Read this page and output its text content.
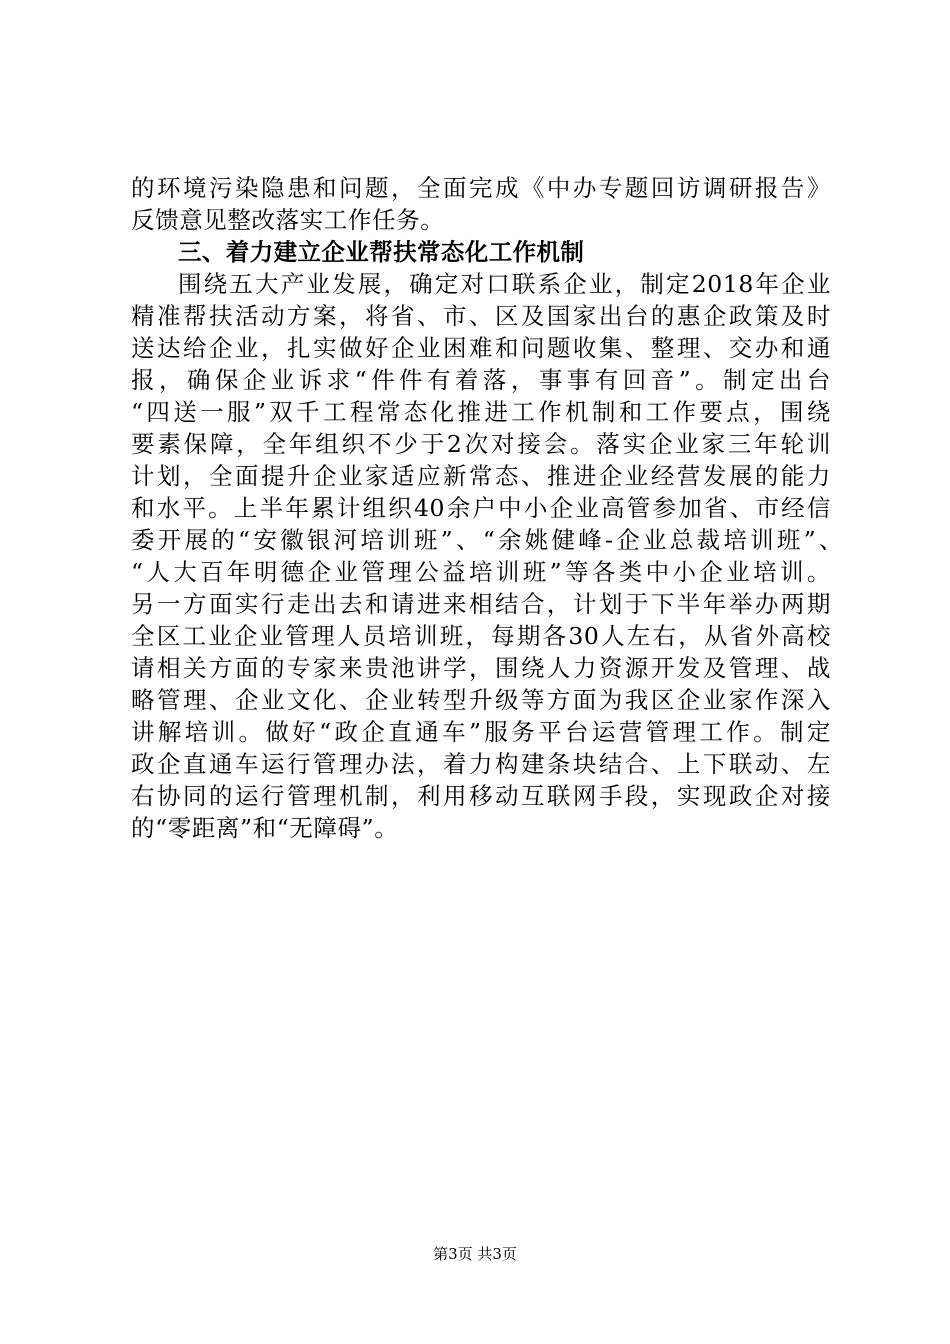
的环境污染隐患和问题，全面完成《中办专题回访调研报告》
反馈意见整改落实工作任务。
三、着力建立企业帮扶常态化工作机制
围绕五大产业发展，确定对口联系企业，制定2018年企业
精准帮扶活动方案，将省、市、区及国家出台的惠企政策及时
送达给企业，扎实做好企业困难和问题收集、整理、交办和通
报，确保企业诉求“件件有着落，事事有回音”。制定出台
“四送一服”双千工程常态化推进工作机制和工作要点，围绕
要素保障，全年组织不少于2次对接会。落实企业家三年轮训
计划，全面提升企业家适应新常态、推进企业经营发展的能力
和水平。上半年累计组织40余户中小企业高管参加省、市经信
委开展的“安徽银河培训班”、“余姚健峰-企业总裁培训班”、
“人大百年明德企业管理公益培训班”等各类中小企业培训。
另一方面实行走出去和请进来相结合，计划于下半年举办两期
全区工业企业管理人员培训班，每期各30人左右，从省外高校
请相关方面的专家来贵池讲学，围绕人力资源开发及管理、战
略管理、企业文化、企业转型升级等方面为我区企业家作深入
讲解培训。做好“政企直通车”服务平台运营管理工作。制定
政企直通车运行管理办法，着力构建条块结合、上下联动、左
右协同的运行管理机制，利用移动互联网手段，实现政企对接
的“零距离”和“无障碍”。
第3页 共3页
